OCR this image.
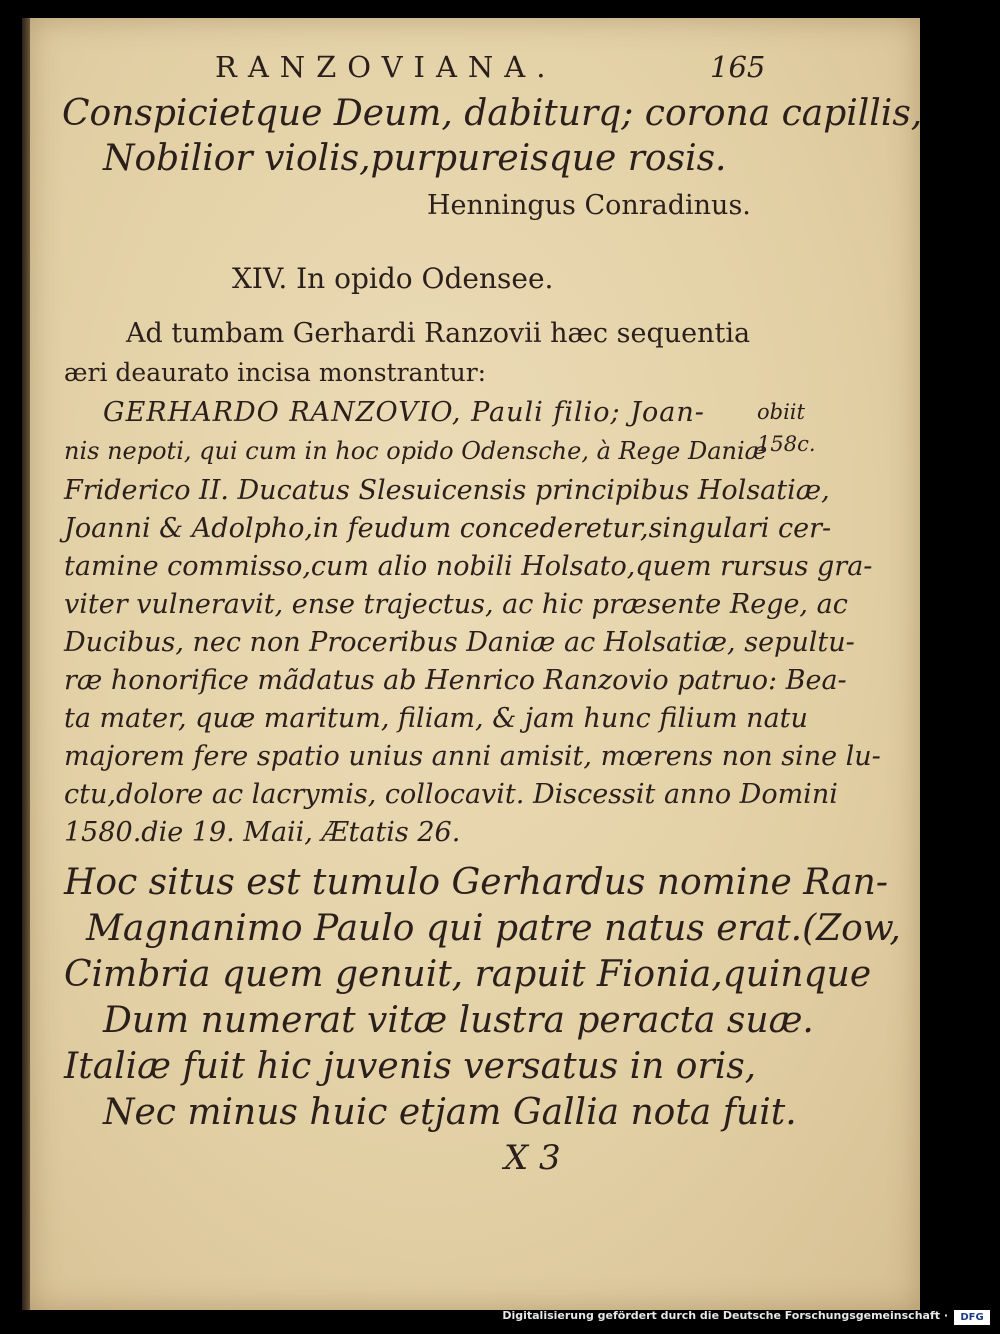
RANZOVIANA.	165
Conspicietque Deum, dabiturq; corona capillis,
Nobilior violis,purpureisque rosis.
Henningus Conradinus.
XIV. In opido Odensee.
Ad tumbam Gerhardi Ranzovii hæc sequentia
æri deaurato incisa monstrantur:
GERHARDO RANZOVIO, Pauli filio; Joan-
nis nepoti, qui cum in hoc opido Odensche, à Rege Daniæ
Friderico II. Ducatus Slesuicensis principibus Holsatiæ,
Joanni & Adolpho,in feudum concederetur,singulari cer-
tamine commisso,cum alio nobili Holsato,quem rursus gra-
viter vulneravit, ense trajectus, ac hic præsente Rege, ac
Ducibus, nec non Proceribus Daniæ ac Holsatiæ, sepultu-
ræ honorifice mãdatus ab Henrico Ranzovio patruo: Bea-
ta mater, quæ maritum, filiam, & jam hunc filium natu
majorem fere spatio unius anni amisit, mœrens non sine lu-
ctu,dolore ac lacrymis, collocavit. Discessit anno Domini
1580.die 19. Maii, Ætatis 26.
obiit
158c.
Hoc situs est tumulo Gerhardus nomine Ran-
Magnanimo Paulo qui patre natus erat.(Zow,
Cimbria quem genuit, rapuit Fionia,quinque
Dum numerat vitæ lustra peracta suæ.
Italiæ fuit hic juvenis versatus in oris,
Nec minus huic etjam Gallia nota fuit.
X 3
Digitalisierung gefördert durch die Deutsche Forschungsgemeinschaft ·	DFG
